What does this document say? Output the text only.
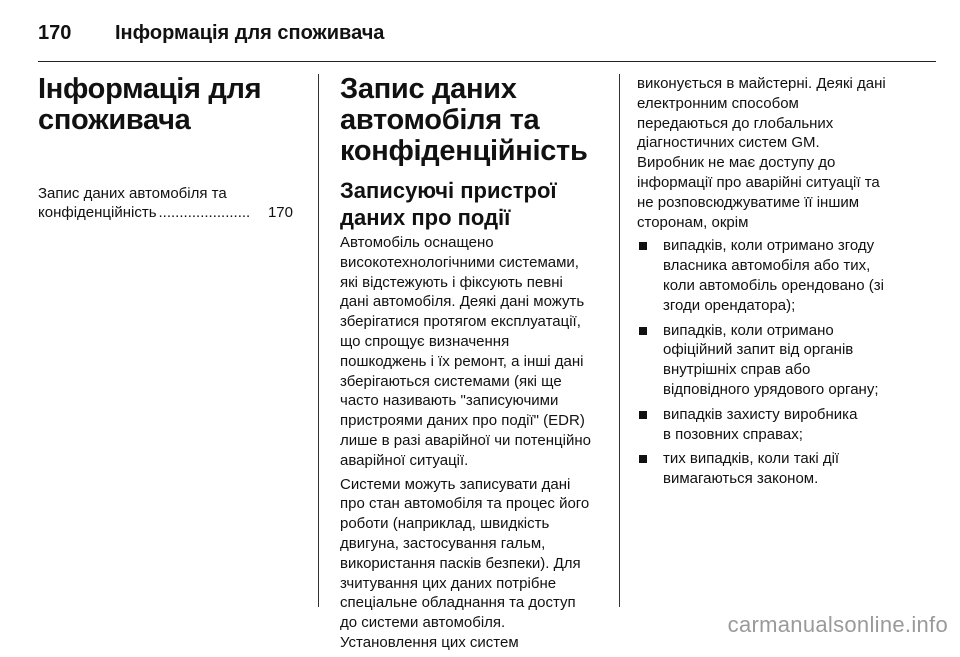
170 Інформація для споживача
Інформація для
споживача
Запис даних автомобіля та
конфіденційність ......................	170
Запис даних
автомобіля та
конфіденційність
Записуючі пристрої
даних про події

Автомобіль оснащено
високотехнологічними системами,
які відстежують і фіксують певні
дані автомобіля. Деякі дані можуть
зберігатися протягом експлуатації,
що спрощує визначення
пошкоджень і їх ремонт, а інші дані
зберігаються системами (які ще
часто називають "записуючими
пристроями даних про події" (EDR)
лише в разі аварійної чи потенційно
аварійної ситуації.

Системи можуть записувати дані
про стан автомобіля та процес його
роботи (наприклад, швидкість
двигуна, застосування гальм,
використання пасків безпеки). Для
зчитування цих даних потрібне
спеціальне обладнання та доступ
до системи автомобіля.
Установлення цих систем

виконується в майстерні. Деякі дані
електронним способом
передаються до глобальних
діагностичних систем GM.
Виробник не має доступу до
інформації про аварійні ситуації та
не розповсюджуватиме її іншим
сторонам, окрім

випадків, коли отримано згоду
власника автомобіля або тих,
коли автомобіль орендовано (зі
згоди орендатора);
випадків, коли отримано
офіційний запит від органів
внутрішніх справ або
відповідного урядового органу;
випадків захисту виробника
в позовних справах;
тих випадків, коли такі дії
вимагаються законом.
carmanualsonline.info
